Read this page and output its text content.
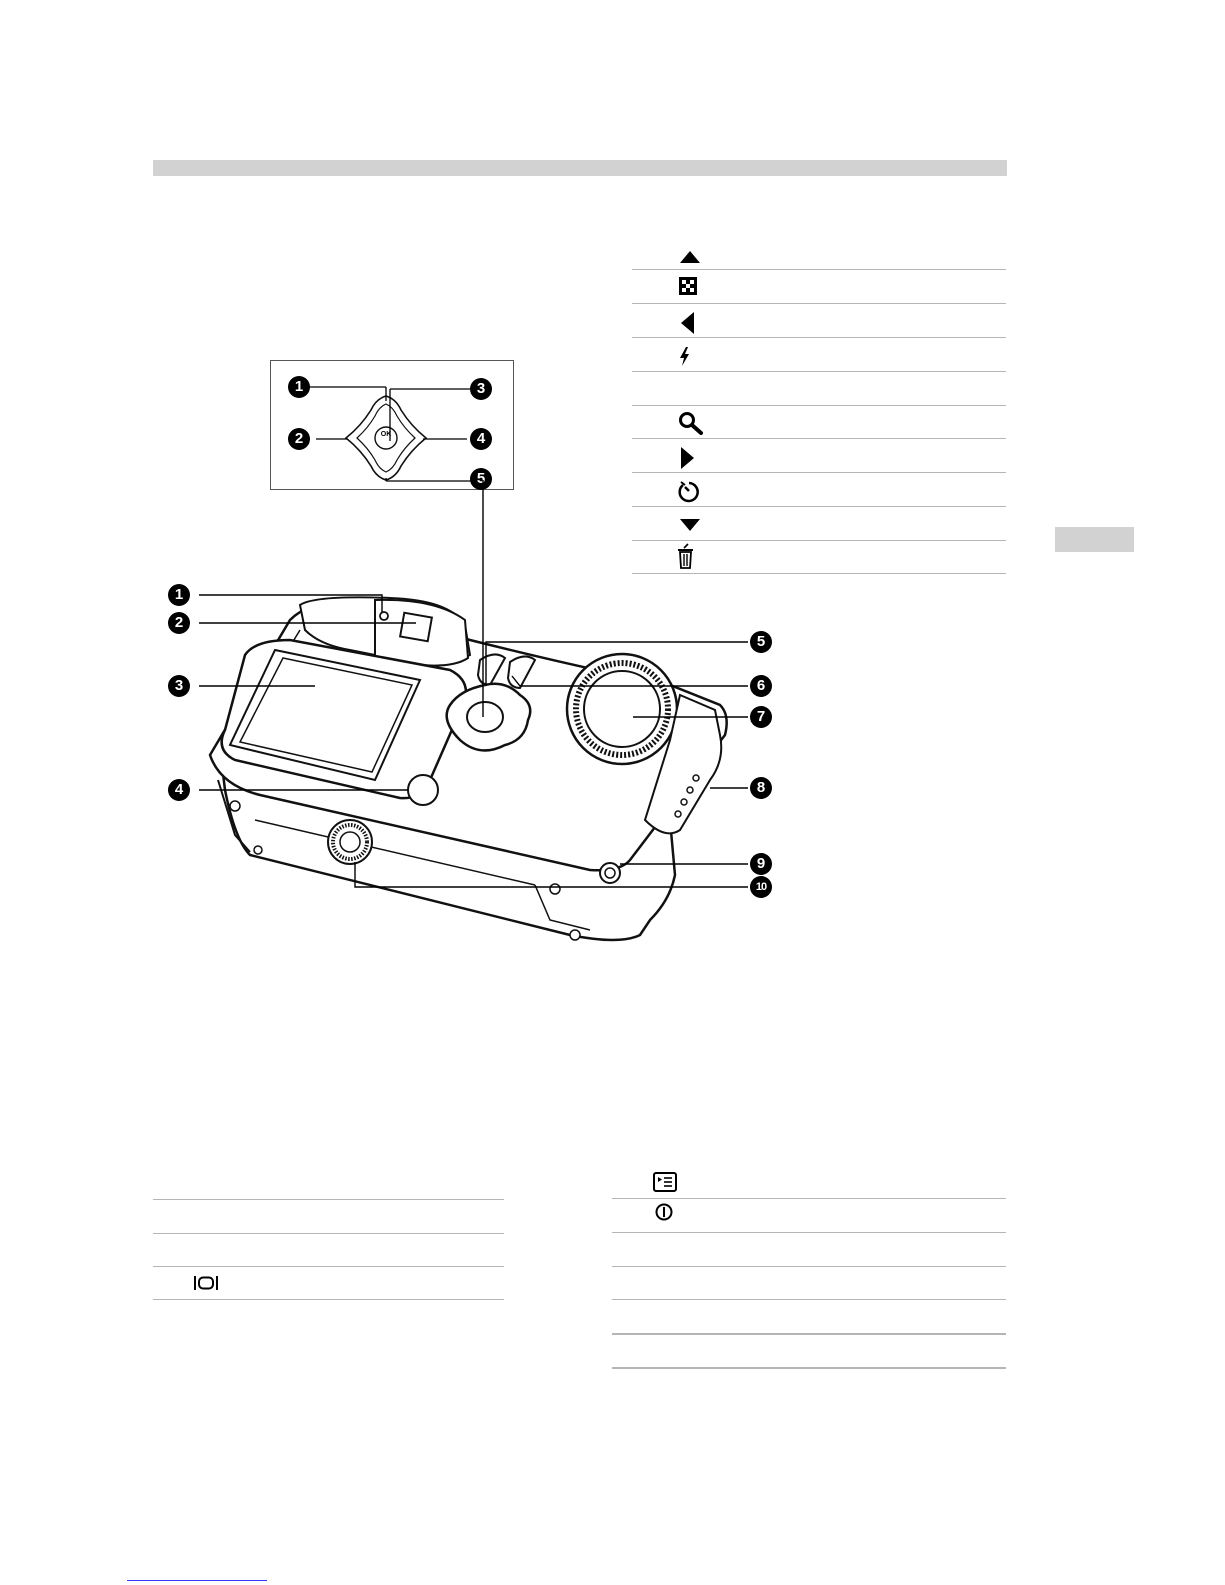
OK
1	3
2	4
5
1
2
3
4
5
6
7
8
9
10
